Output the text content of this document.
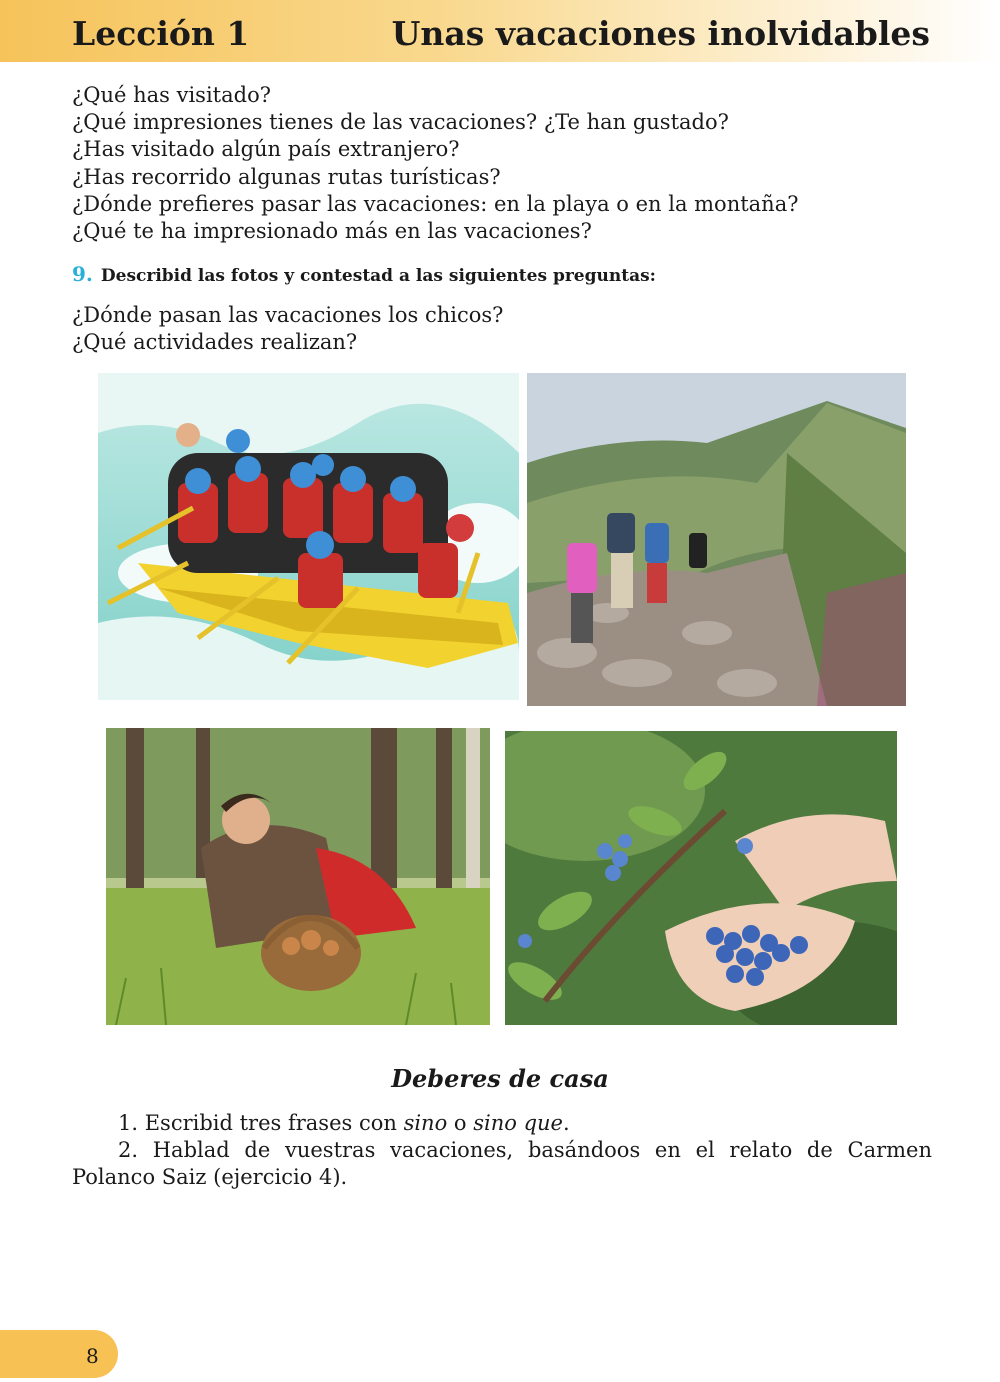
Lección 1	Unas vacaciones inolvidables
¿Qué has visitado?
¿Qué impresiones tienes de las vacaciones? ¿Te han gustado?
¿Has visitado algún país extranjero?
¿Has recorrido algunas rutas turísticas?
¿Dónde prefieres pasar las vacaciones: en la playa o en la montaña?
¿Qué te ha impresionado más en las vacaciones?
9. Describid las fotos y contestad a las siguientes preguntas:
¿Dónde pasan las vacaciones los chicos?
¿Qué actividades realizan?
Deberes de casa
1. Escribid tres frases con sino o sino que.
2. Hablad de vuestras vacaciones, basándoos en el relato de Carmen Polanco Saiz (ejercicio 4).
8
